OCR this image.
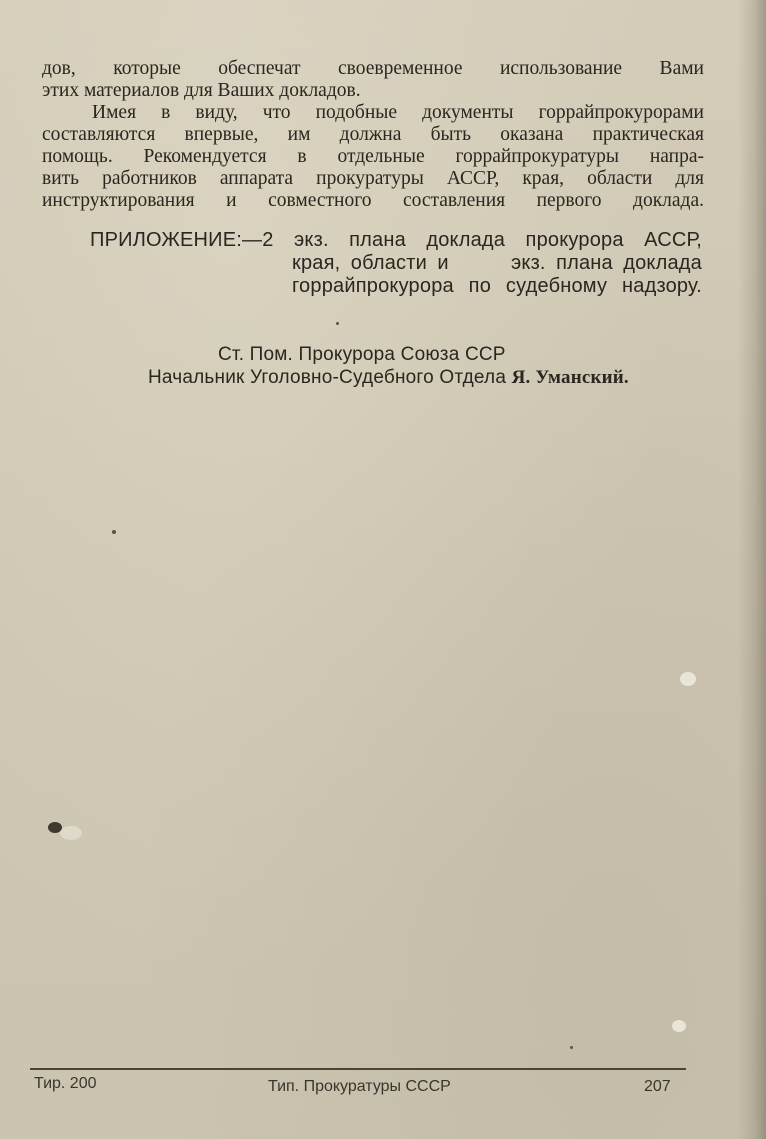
дов, которые обеспечат своевременное использование Вами

этих материалов для Ваших докладов.

Имея в виду, что подобные документы горрайпрокурорами

составляются впервые, им должна быть оказана практическая

помощь. Рекомендуется в отдельные горрайпрокуратуры напра-

вить работников аппарата прокуратуры АССР, края, области для

инструктирования и совместного составления первого доклада.

ПРИЛОЖЕНИЕ:—2 экз. плана доклада прокурора АССР,

края, области и      экз. плана доклада

горрайпрокурора по судебному надзору.

Ст. Пом. Прокурора Союза ССР

Начальник Уголовно-Судебного Отдела Я. Уманский.

Тир. 200	Тип. Прокуратуры СССР	207
